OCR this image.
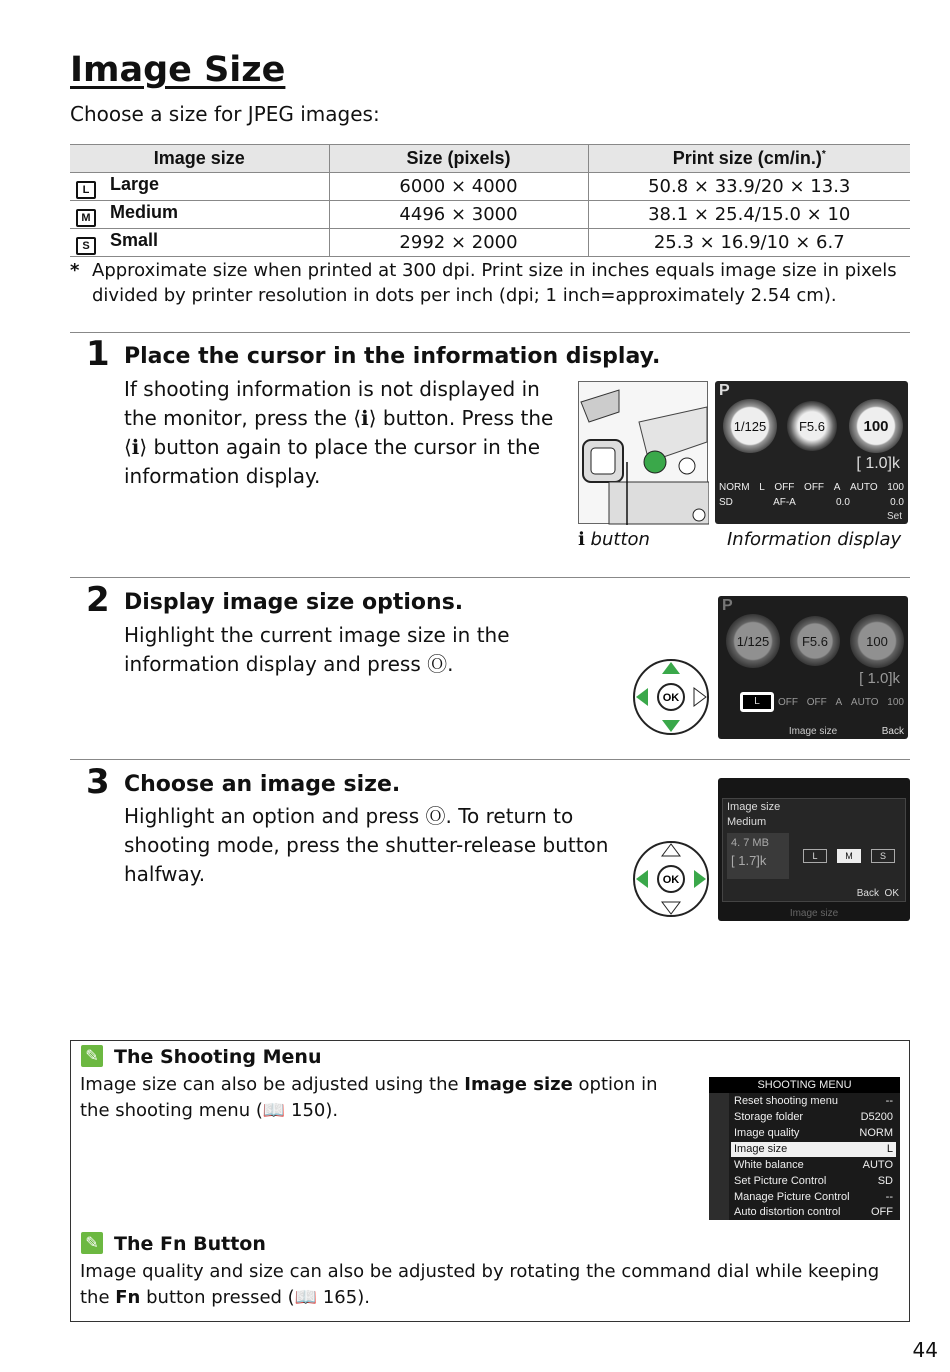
Image Size
Choose a size for JPEG images:
Image size	Size (pixels)	Print size (cm/in.)*
L Large	6000 × 4000	50.8 × 33.9/20 × 13.3
M Medium	4496 × 3000	38.1 × 25.4/15.0 × 10
S Small	2992 × 2000	25.3 × 16.9/10 × 6.7
* Approximate size when printed at 300 dpi. Print size in inches equals image size in pixels divided by printer resolution in dots per inch (dpi; 1 inch=approximately 2.54 cm).
1 Place the cursor in the information display.
If shooting information is not displayed in the monitor, press the ⟨ℹ⟩ button. Press the ⟨ℹ⟩ button again to place the cursor in the information display.
P
1/125	F5.6	100
[ 1.0]k
NORM L OFF OFF A AUTO 100
SD	AF-A	0.0	0.0
Set
ℹ button	Information display
2 Display image size options.
Highlight the current image size in the information display and press Ⓞ.
OK
P
1/125	F5.6	100
[ 1.0]k
L	OFF OFF A AUTO 100
Image size	Back
3 Choose an image size.
Highlight an option and press Ⓞ. To return to shooting mode, press the shutter-release button halfway.	OK
Image size
Medium
4. 7 MB
[ 1.7]k	L	M	S
Back OK
Image size
✎ The Shooting Menu
Image size can also be adjusted using the Image size option in the shooting menu (📖 150).
SHOOTING MENU
Reset shooting menu	--
Storage folder	D5200
Image quality	NORM
Image size	L
White balance	AUTO
Set Picture Control	SD
Manage Picture Control	--
Auto distortion control	OFF
✎ The Fn Button
Image quality and size can also be adjusted by rotating the command dial while keeping the Fn button pressed (📖 165).
44
